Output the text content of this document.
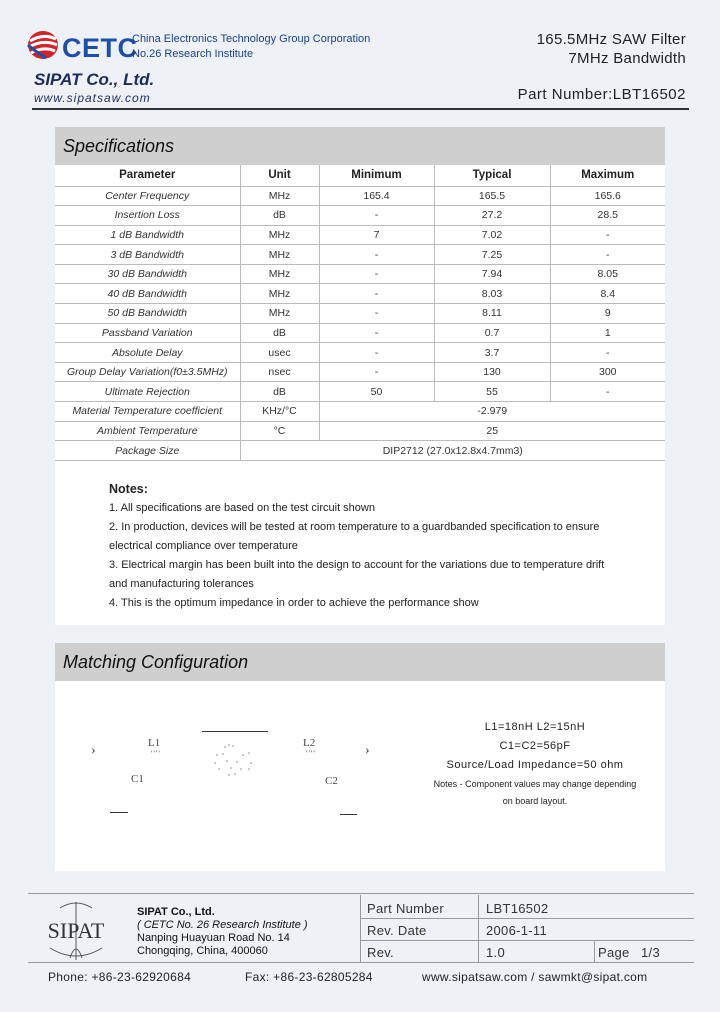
CETC
China Electronics Technology Group Corporation
No.26 Research Institute
SIPAT Co., Ltd.
www.sipatsaw.com
165.5MHz SAW Filter
7MHz Bandwidth
Part Number:LBT16502
Specifications
Parameter	Unit	Minimum	Typical	Maximum
Center Frequency	MHz	165.4	165.5	165.6
Insertion Loss	dB	-	27.2	28.5
1 dB Bandwidth	MHz	7	7.02	-
3 dB Bandwidth	MHz	-	7.25	-
30 dB Bandwidth	MHz	-	7.94	8.05
40 dB Bandwidth	MHz	-	8.03	8.4
50 dB Bandwidth	MHz	-	8.11	9
Passband Variation	dB	-	0.7	1
Absolute Delay	usec	-	3.7	-
Group Delay Variation(f0±3.5MHz)	nsec	-	130	300
Ultimate Rejection	dB	50	55	-
Material Temperature coefficient	KHz/°C	-2.979		
Ambient Temperature	°C	25		
Package Size	DIP2712 (27.0x12.8x4.7mm3)			
Notes:
1. All specifications are based on the test circuit shown
2. In production, devices will be tested at room temperature to a guardbanded specification to ensure
electrical compliance over temperature
3. Electrical margin has been built into the design to account for the variations due to temperature drift
and manufacturing tolerances
4. This is the optimum impedance in order to achieve the performance show
Matching Configuration
›	L1
''''
L2
''''	›
C1	C2
L1=18nH L2=15nH
C1=C2=56pF
Source/Load Impedance=50 ohm
Notes - Component values may change depending
on board layout.
SIPAT
SIPAT Co., Ltd.
( CETC No. 26 Research Institute )
Nanping Huayuan Road No. 14
Chongqing, China, 400060
Part Number	LBT16502
Rev. Date	2006-1-11
Rev.	1.0	Page 1/3
Phone: +86-23-62920684	Fax: +86-23-62805284	www.sipatsaw.com / sawmkt@sipat.com
